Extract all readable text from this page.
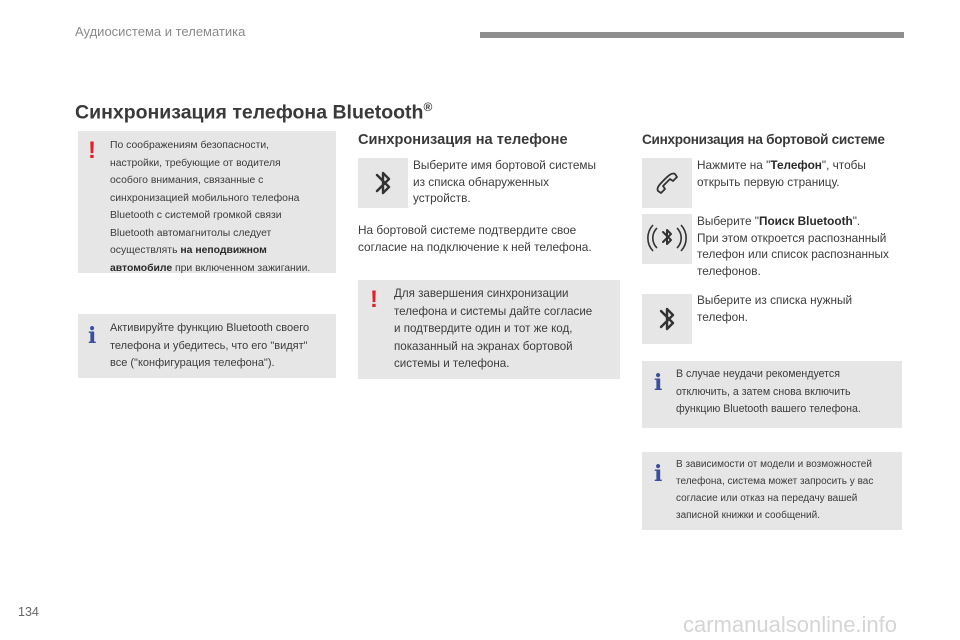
Аудиосистема и телематика
Синхронизация телефона Bluetooth®
! По соображениям безопасности,
настройки, требующие от водителя
особого внимания, связанные с
синхронизацией мобильного телефона
Bluetooth с системой громкой связи
Bluetooth автомагнитолы следует
осуществлять на неподвижном
автомобиле при включенном зажигании.
i Активируйте функцию Bluetooth своего
телефона и убедитесь, что его "видят"
все ("конфигурация телефона").
Синхронизация на телефоне
Выберите имя бортовой системы
из списка обнаруженных
устройств.
На бортовой системе подтвердите свое
согласие на подключение к ней телефона.
! Для завершения синхронизации
телефона и системы дайте согласие
и подтвердите один и тот же код,
показанный на экранах бортовой
системы и телефона.
Синхронизация на бортовой системе
Нажмите на "Телефон", чтобы
открыть первую страницу.
Выберите "Поиск Bluetooth".
При этом откроется распознанный
телефон или список распознанных
телефонов.
Выберите из списка нужный
телефон.
i В случае неудачи рекомендуется
отключить, а затем снова включить
функцию Bluetooth вашего телефона.
i В зависимости от модели и возможностей
телефона, система может запросить у вас
согласие или отказ на передачу вашей
записной книжки и сообщений.
134	carmanualsonline.info
